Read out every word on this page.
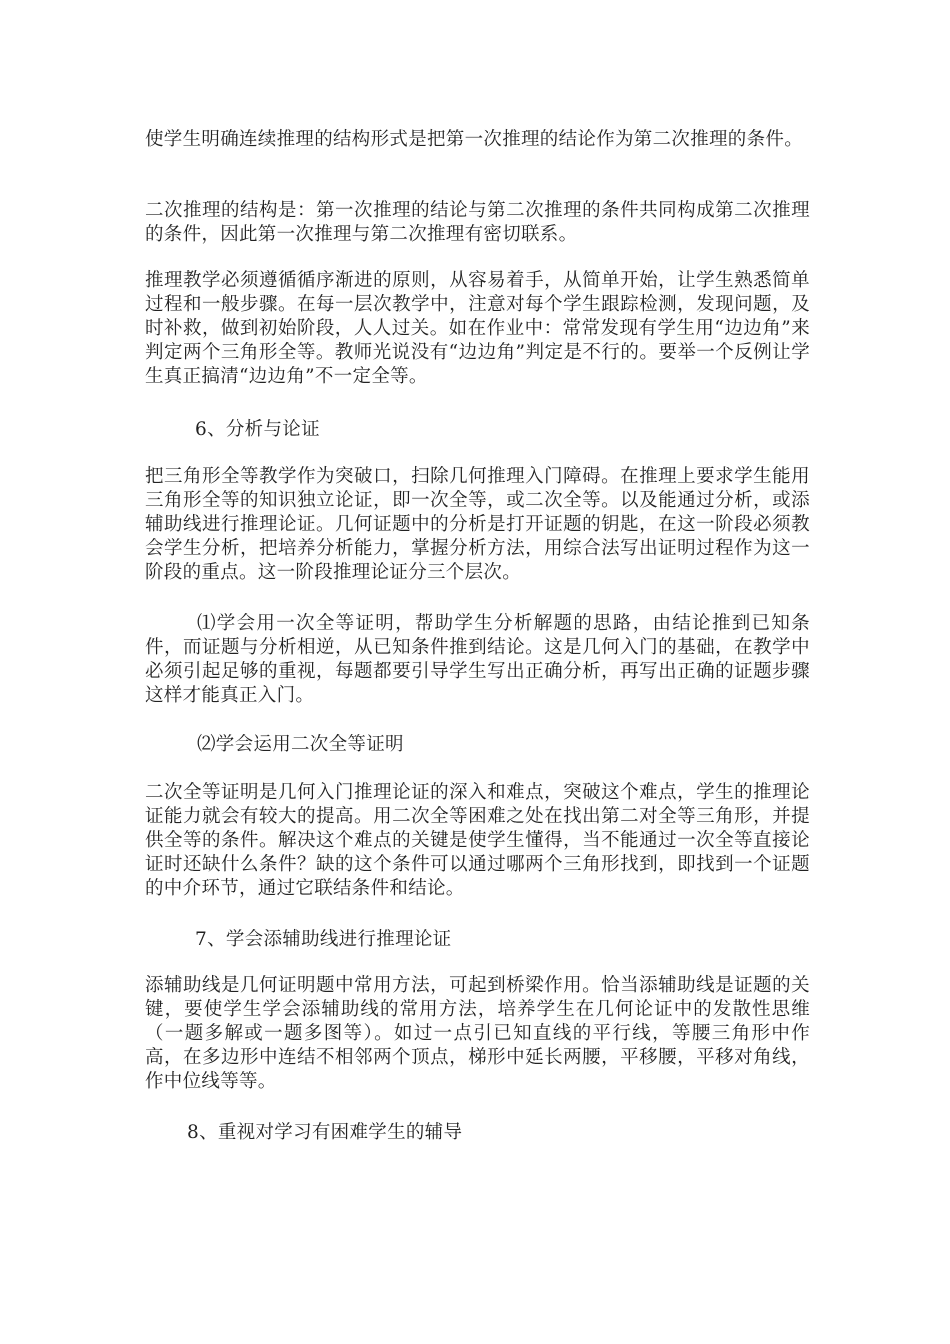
使学生明确连续推理的结构形式是把第一次推理的结论作为第二次推理的条件。

二次推理的结构是：第一次推理的结论与第二次推理的条件共同构成第二次推理的条件，因此第一次推理与第二次推理有密切联系。

推理教学必须遵循循序渐进的原则，从容易着手，从简单开始，让学生熟悉简单过程和一般步骤。在每一层次教学中，注意对每个学生跟踪检测，发现问题，及时补救，做到初始阶段，人人过关。如在作业中：常常发现有学生用“边边角”来判定两个三角形全等。教师光说没有“边边角”判定是不行的。要举一个反例让学生真正搞清“边边角”不一定全等。

6、分析与论证

把三角形全等教学作为突破口，扫除几何推理入门障碍。在推理上要求学生能用三角形全等的知识独立论证，即一次全等，或二次全等。以及能通过分析，或添辅助线进行推理论证。几何证题中的分析是打开证题的钥匙，在这一阶段必须教会学生分析，把培养分析能力，掌握分析方法，用综合法写出证明过程作为这一阶段的重点。这一阶段推理论证分三个层次。

⑴学会用一次全等证明，帮助学生分析解题的思路，由结论推到已知条件，而证题与分析相逆，从已知条件推到结论。这是几何入门的基础，在教学中必须引起足够的重视，每题都要引导学生写出正确分析，再写出正确的证题步骤这样才能真正入门。

⑵学会运用二次全等证明

二次全等证明是几何入门推理论证的深入和难点，突破这个难点，学生的推理论证能力就会有较大的提高。用二次全等困难之处在找出第二对全等三角形，并提供全等的条件。解决这个难点的关键是使学生懂得，当不能通过一次全等直接论证时还缺什么条件？缺的这个条件可以通过哪两个三角形找到，即找到一个证题的中介环节，通过它联结条件和结论。

7、学会添辅助线进行推理论证

添辅助线是几何证明题中常用方法，可起到桥梁作用。恰当添辅助线是证题的关键，要使学生学会添辅助线的常用方法，培养学生在几何论证中的发散性思维（一题多解或一题多图等）。如过一点引已知直线的平行线，等腰三角形中作高，在多边形中连结不相邻两个顶点，梯形中延长两腰，平移腰，平移对角线，作中位线等等。

8、重视对学习有困难学生的辅导
